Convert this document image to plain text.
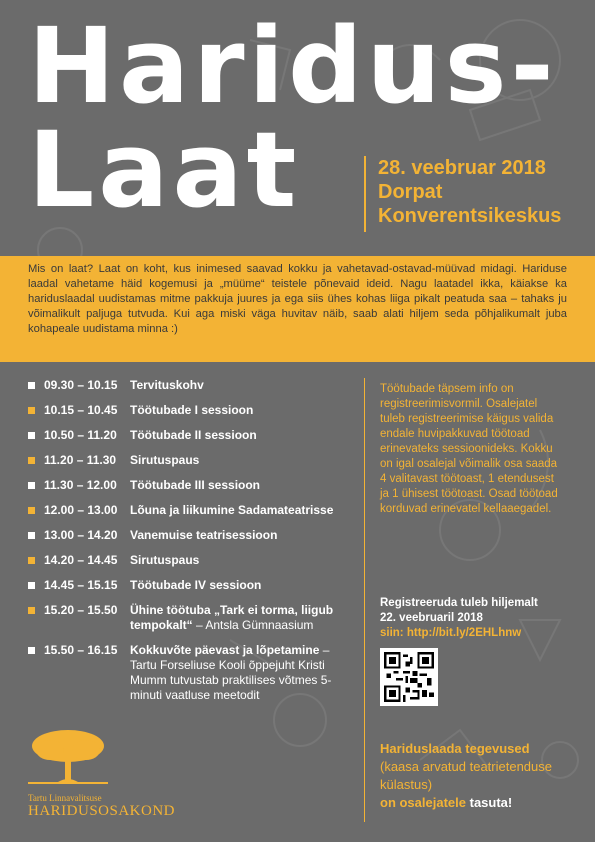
Haridus-
Laat	28. veebruar 2018
Dorpat
Konverentsikeskus

Mis on laat? Laat on koht, kus inimesed saavad kokku ja vahetavad-ostavad-müüvad midagi. Hariduse laadal vahetame häid kogemusi ja „müüme“ teistele põnevaid ideid. Nagu laatadel ikka, käiakse ka hariduslaadal uudistamas mitme pakkuja juures ja ega siis ühes kohas liiga pikalt peatuda saa – tahaks ju võimalikult paljuga tutvuda. Kui aga miski väga huvitav näib, saab alati hiljem seda põhjalikumalt juba kohapeale uudistama minna :)

09.30 – 10.15 Tervituskohv
10.15 – 10.45 Töötubade I sessioon
10.50 – 11.20 Töötubade II sessioon
11.20 – 11.30 Sirutuspaus
11.30 – 12.00 Töötubade III sessioon
12.00 – 13.00 Lõuna ja liikumine Sadamateatrisse
13.00 – 14.20 Vanemuise teatrisessioon
14.20 – 14.45 Sirutuspaus
14.45 – 15.15 Töötubade IV sessioon
15.20 – 15.50 Ühine töötuba „Tark ei torma, liigub tempokalt“ – Antsla Gümnaasium
15.50 – 16.15 Kokkuvõte päevast ja lõpetamine –
Tartu Forseliuse Kooli õppejuht Kristi Mumm tutvustab praktilises võtmes 5-minuti vaatluse meetodit
Töötubade täpsem info on registreerimisvormil. Osalejatel tuleb registreerimise käigus valida endale huvipakkuvad töötoad erinevateks sessioonideks. Kokku on igal osalejal võimalik osa saada 4 valitavast töötoast, 1 etendusest ja 1 ühisest töötoast. Osad töötoad korduvad erinevatel kellaaegadel.
Registreeruda tuleb hiljemalt
22. veebruaril 2018
siin: http://bit.ly/2EHLhnw
Hariduslaada tegevused
(kaasa arvatud teatrietenduse külastus)
on osalejatele tasuta!
Tartu Linnavalitsuse
HARIDUSOSAKOND
